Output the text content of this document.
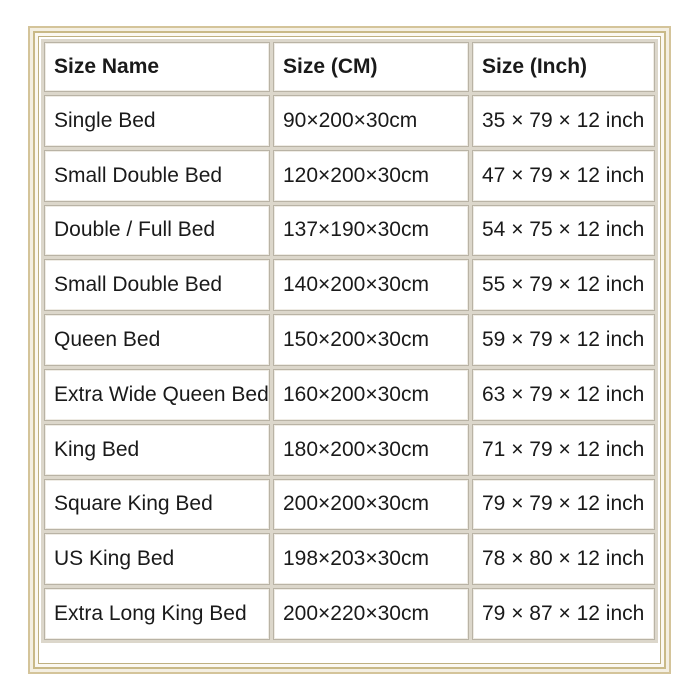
Size Name	Size (CM)	Size (Inch)
Single Bed	90×200×30cm	35 × 79 × 12 inch
Small Double Bed	120×200×30cm	47 × 79 × 12 inch
Double / Full Bed	137×190×30cm	54 × 75 × 12 inch
Small Double Bed	140×200×30cm	55 × 79 × 12 inch
Queen Bed	150×200×30cm	59 × 79 × 12 inch
Extra Wide Queen Bed	160×200×30cm	63 × 79 × 12 inch
King Bed	180×200×30cm	71 × 79 × 12 inch
Square King Bed	200×200×30cm	79 × 79 × 12 inch
US King Bed	198×203×30cm	78 × 80 × 12 inch
Extra Long King Bed	200×220×30cm	79 × 87 × 12 inch
